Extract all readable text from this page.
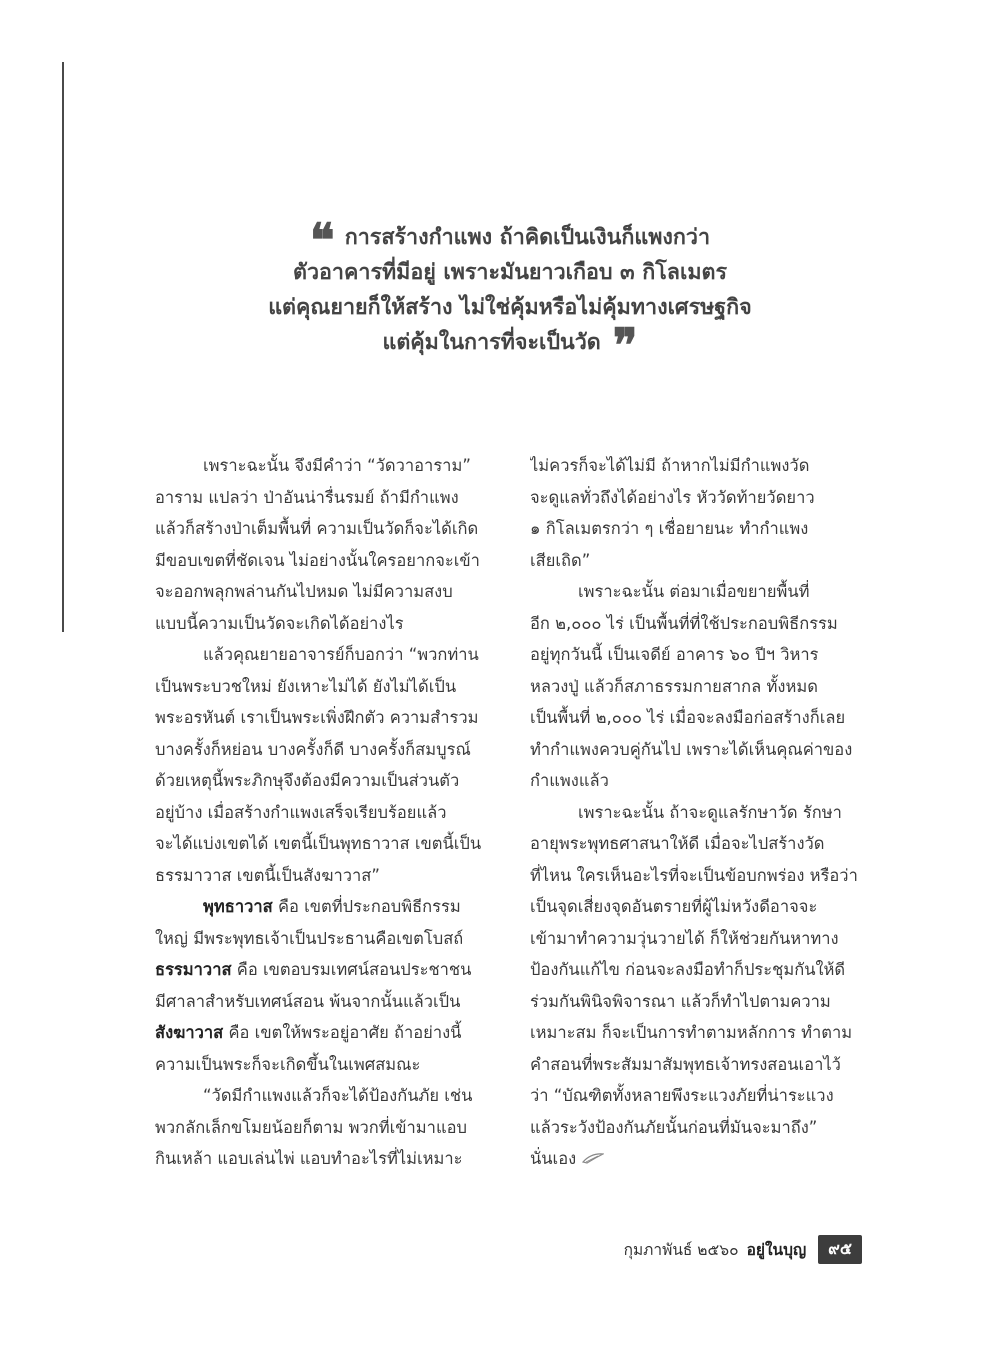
❝ การสร้างกำแพง ถ้าคิดเป็นเงินก็แพงกว่า
ตัวอาคารที่มีอยู่ เพราะมันยาวเกือบ ๓ กิโลเมตร
แต่คุณยายก็ให้สร้าง ไม่ใช่คุ้มหรือไม่คุ้มทางเศรษฐกิจ
แต่คุ้มในการที่จะเป็นวัด ❞

เพราะฉะนั้น จึงมีคำว่า “วัดวาอาราม”

อาราม แปลว่า ป่าอันน่ารื่นรมย์ ถ้ามีกำแพง

แล้วก็สร้างป่าเต็มพื้นที่ ความเป็นวัดก็จะได้เกิด

มีขอบเขตที่ชัดเจน ไม่อย่างนั้นใครอยากจะเข้า

จะออกพลุกพล่านกันไปหมด ไม่มีความสงบ

แบบนี้ความเป็นวัดจะเกิดได้อย่างไร

แล้วคุณยายอาจารย์ก็บอกว่า “พวกท่าน

เป็นพระบวชใหม่ ยังเหาะไม่ได้ ยังไม่ได้เป็น

พระอรหันต์ เราเป็นพระเพิ่งฝึกตัว ความสำรวม

บางครั้งก็หย่อน บางครั้งก็ดี บางครั้งก็สมบูรณ์

ด้วยเหตุนี้พระภิกษุจึงต้องมีความเป็นส่วนตัว

อยู่บ้าง เมื่อสร้างกำแพงเสร็จเรียบร้อยแล้ว

จะได้แบ่งเขตได้ เขตนี้เป็นพุทธาวาส เขตนี้เป็น

ธรรมาวาส เขตนี้เป็นสังฆาวาส”

พุทธาวาส คือ เขตที่ประกอบพิธีกรรม

ใหญ่ มีพระพุทธเจ้าเป็นประธานคือเขตโบสถ์

ธรรมาวาส คือ เขตอบรมเทศน์สอนประชาชน

มีศาลาสำหรับเทศน์สอน พ้นจากนั้นแล้วเป็น

สังฆาวาส คือ เขตให้พระอยู่อาศัย ถ้าอย่างนี้

ความเป็นพระก็จะเกิดขึ้นในเพศสมณะ

“วัดมีกำแพงแล้วก็จะได้ป้องกันภัย เช่น

พวกลักเล็กขโมยน้อยก็ตาม พวกที่เข้ามาแอบ

กินเหล้า แอบเล่นไพ่ แอบทำอะไรที่ไม่เหมาะ

ไม่ควรก็จะได้ไม่มี ถ้าหากไม่มีกำแพงวัด

จะดูแลทั่วถึงได้อย่างไร หัววัดท้ายวัดยาว

๑ กิโลเมตรกว่า ๆ เชื่อยายนะ ทำกำแพง

เสียเถิด”

เพราะฉะนั้น ต่อมาเมื่อขยายพื้นที่

อีก ๒,๐๐๐ ไร่ เป็นพื้นที่ที่ใช้ประกอบพิธีกรรม

อยู่ทุกวันนี้ เป็นเจดีย์ อาคาร ๖๐ ปีฯ วิหาร

หลวงปู่ แล้วก็สภาธรรมกายสากล ทั้งหมด

เป็นพื้นที่ ๒,๐๐๐ ไร่ เมื่อจะลงมือก่อสร้างก็เลย

ทำกำแพงควบคู่กันไป เพราะได้เห็นคุณค่าของ

กำแพงแล้ว

เพราะฉะนั้น ถ้าจะดูแลรักษาวัด รักษา

อายุพระพุทธศาสนาให้ดี เมื่อจะไปสร้างวัด

ที่ไหน ใครเห็นอะไรที่จะเป็นข้อบกพร่อง หรือว่า

เป็นจุดเสี่ยงจุดอันตรายที่ผู้ไม่หวังดีอาจจะ

เข้ามาทำความวุ่นวายได้ ก็ให้ช่วยกันหาทาง

ป้องกันแก้ไข ก่อนจะลงมือทำก็ประชุมกันให้ดี

ร่วมกันพินิจพิจารณา แล้วก็ทำไปตามความ

เหมาะสม ก็จะเป็นการทำตามหลักการ ทำตาม

คำสอนที่พระสัมมาสัมพุทธเจ้าทรงสอนเอาไว้

ว่า “บัณฑิตทั้งหลายพึงระแวงภัยที่น่าระแวง

แล้วระวังป้องกันภัยนั้นก่อนที่มันจะมาถึง”

นั่นเอง

กุมภาพันธ์ ๒๕๖๐ อยู่ในบุญ	๙๕
